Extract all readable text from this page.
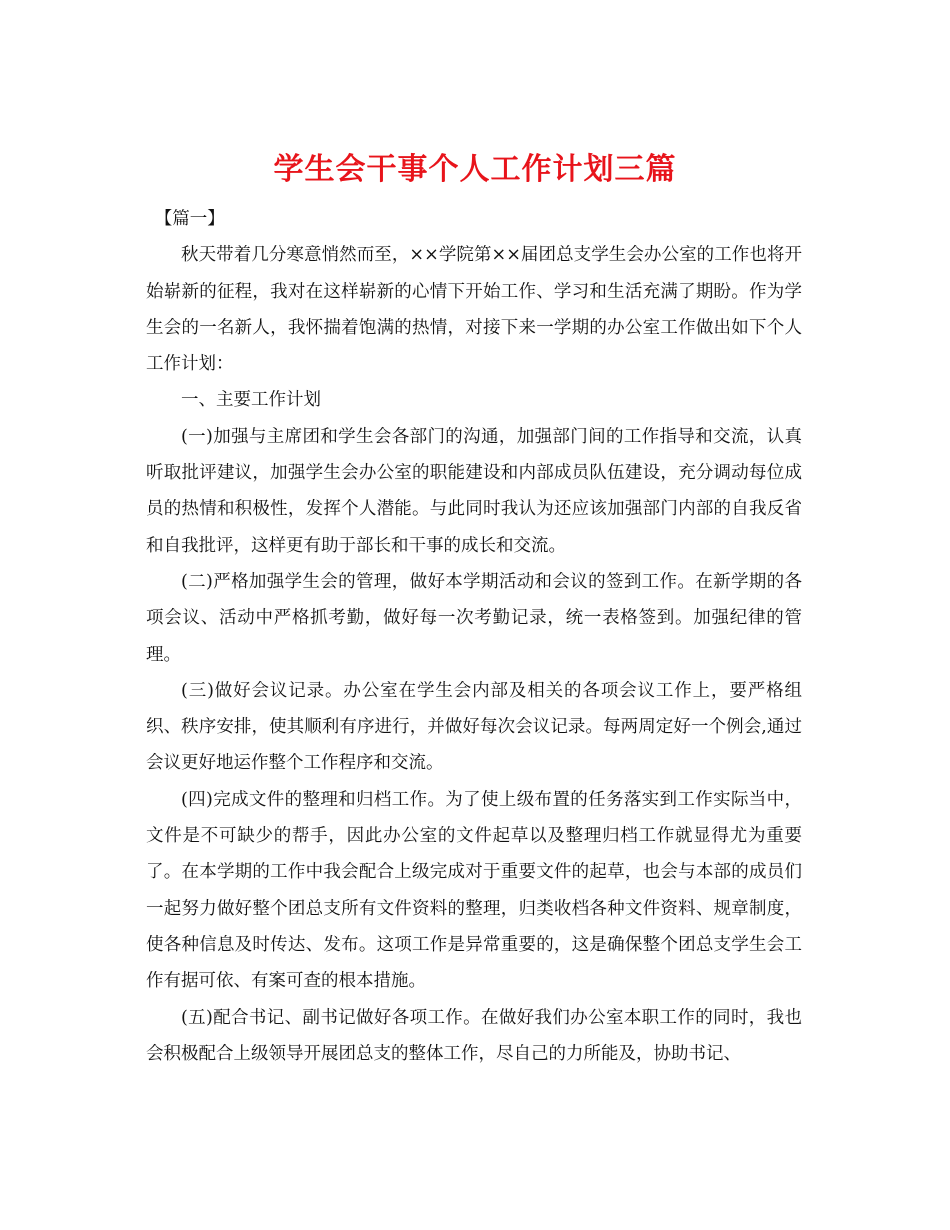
学生会干事个人工作计划三篇

【篇一】

秋天带着几分寒意悄然而至，××学院第××届团总支学生会办公室的工作也将开始崭新的征程，我对在这样崭新的心情下开始工作、学习和生活充满了期盼。作为学生会的一名新人，我怀揣着饱满的热情，对接下来一学期的办公室工作做出如下个人工作计划：

一、主要工作计划

(一)加强与主席团和学生会各部门的沟通，加强部门间的工作指导和交流，认真听取批评建议，加强学生会办公室的职能建设和内部成员队伍建设，充分调动每位成员的热情和积极性，发挥个人潜能。与此同时我认为还应该加强部门内部的自我反省和自我批评，这样更有助于部长和干事的成长和交流。

(二)严格加强学生会的管理，做好本学期活动和会议的签到工作。在新学期的各项会议、活动中严格抓考勤，做好每一次考勤记录，统一表格签到。加强纪律的管理。

(三)做好会议记录。办公室在学生会内部及相关的各项会议工作上，要严格组织、秩序安排，使其顺利有序进行，并做好每次会议记录。每两周定好一个例会,通过会议更好地运作整个工作程序和交流。

(四)完成文件的整理和归档工作。为了使上级布置的任务落实到工作实际当中， 文件是不可缺少的帮手，因此办公室的文件起草以及整理归档工作就显得尤为重要了。在本学期的工作中我会配合上级完成对于重要文件的起草，也会与本部的成员们一起努力做好整个团总支所有文件资料的整理，归类收档各种文件资料、规章制度，使各种信息及时传达、发布。这项工作是异常重要的，这是确保整个团总支学生会工作有据可依、有案可查的根本措施。

(五)配合书记、副书记做好各项工作。在做好我们办公室本职工作的同时，我也会积极配合上级领导开展团总支的整体工作，尽自己的力所能及，协助书记、
